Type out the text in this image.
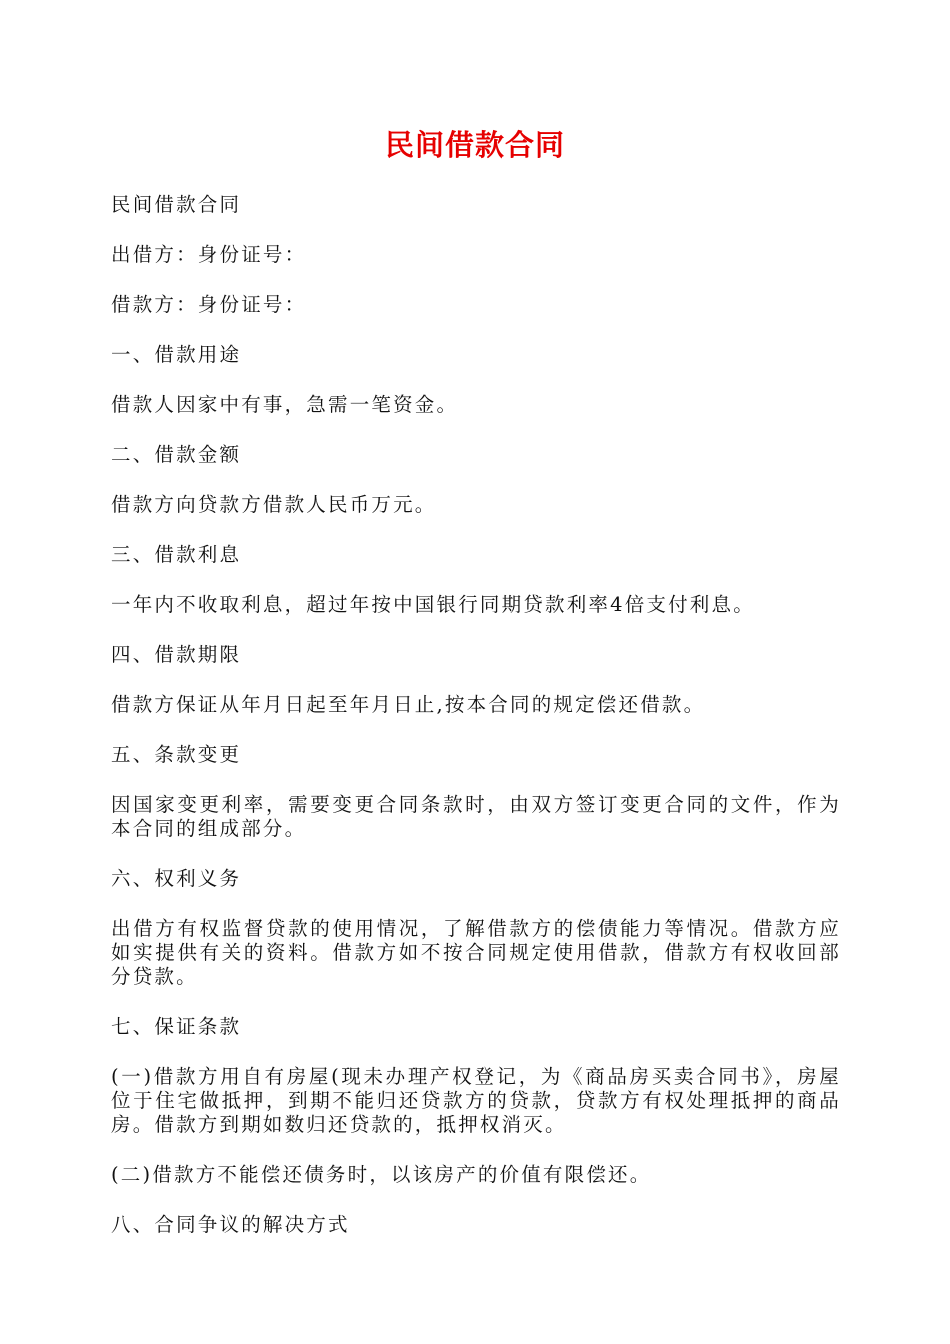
民间借款合同

民间借款合同

出借方：身份证号：

借款方：身份证号：

一、借款用途

借款人因家中有事，急需一笔资金。

二、借款金额

借款方向贷款方借款人民币万元。

三、借款利息

一年内不收取利息，超过年按中国银行同期贷款利率4倍支付利息。

四、借款期限

借款方保证从年月日起至年月日止,按本合同的规定偿还借款。

五、条款变更

因国家变更利率，需要变更合同条款时，由双方签订变更合同的文件，作为本合同的组成部分。

六、权利义务

出借方有权监督贷款的使用情况，了解借款方的偿债能力等情况。借款方应如实提供有关的资料。借款方如不按合同规定使用借款，借款方有权收回部分贷款。

七、保证条款

(一)借款方用自有房屋(现未办理产权登记，为《商品房买卖合同书》，房屋位于住宅做抵押，到期不能归还贷款方的贷款，贷款方有权处理抵押的商品房。借款方到期如数归还贷款的，抵押权消灭。

(二)借款方不能偿还债务时，以该房产的价值有限偿还。

八、合同争议的解决方式
